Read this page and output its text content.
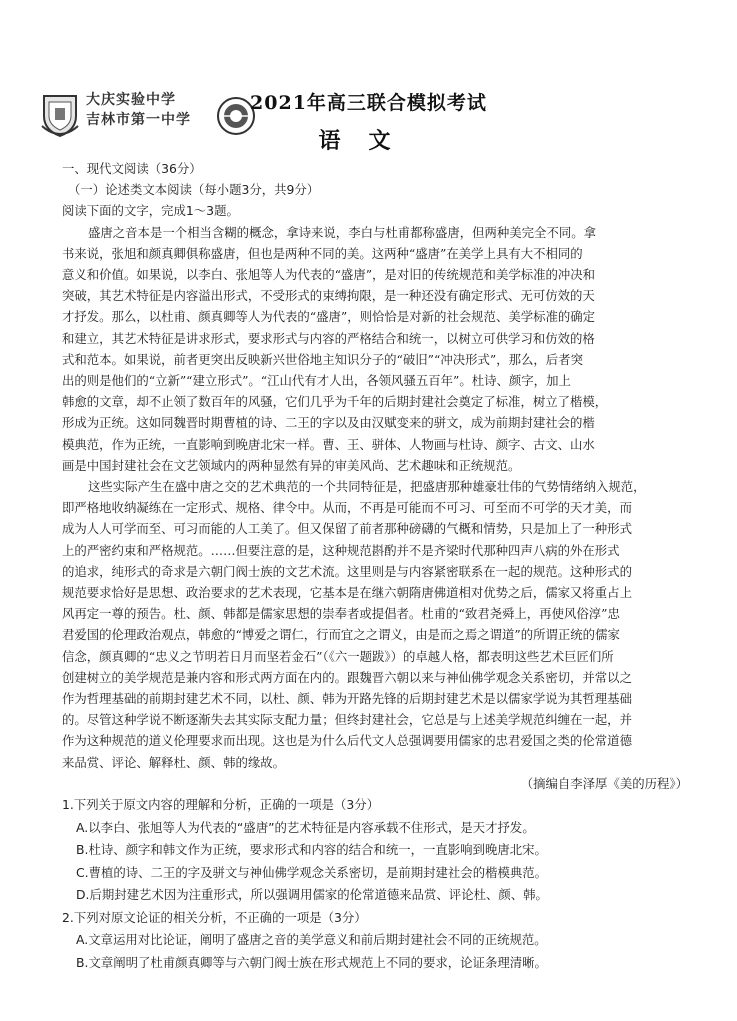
大庆实验中学
吉林市第一中学
2021年高三联合模拟考试
语文
一、现代文阅读（36分）
（一）论述类文本阅读（每小题3分，共9分）
阅读下面的文字，完成1～3题。
盛唐之音本是一个相当含糊的概念，拿诗来说，李白与杜甫都称盛唐，但两种美完全不同。拿
书来说，张旭和颜真卿俱称盛唐，但也是两种不同的美。这两种“盛唐”在美学上具有大不相同的
意义和价值。如果说，以李白、张旭等人为代表的“盛唐”，是对旧的传统规范和美学标准的冲决和
突破，其艺术特征是内容溢出形式，不受形式的束缚拘限，是一种还没有确定形式、无可仿效的天
才抒发。那么，以杜甫、颜真卿等人为代表的“盛唐”，则恰恰是对新的社会规范、美学标准的确定
和建立，其艺术特征是讲求形式，要求形式与内容的严格结合和统一，以树立可供学习和仿效的格
式和范本。如果说，前者更突出反映新兴世俗地主知识分子的“破旧”“冲决形式”，那么，后者突
出的则是他们的“立新”“建立形式”。“江山代有才人出，各领风骚五百年”。杜诗、颜字，加上
韩愈的文章，却不止领了数百年的风骚，它们几乎为千年的后期封建社会奠定了标准，树立了楷模，
形成为正统。这如同魏晋时期曹植的诗、二王的字以及由汉赋变来的骈文，成为前期封建社会的楷
模典范，作为正统，一直影响到晚唐北宋一样。曹、王、骈体、人物画与杜诗、颜字、古文、山水
画是中国封建社会在文艺领域内的两种显然有异的审美风尚、艺术趣味和正统规范。
这些实际产生在盛中唐之交的艺术典范的一个共同特征是，把盛唐那种雄豪壮伟的气势情绪纳入规范，
即严格地收纳凝练在一定形式、规格、律令中。从而，不再是可能而不可习、可至而不可学的天才美，而
成为人人可学而至、可习而能的人工美了。但又保留了前者那种磅礴的气概和情势，只是加上了一种形式
上的严密约束和严格规范。……但要注意的是，这种规范斟酌并不是齐梁时代那种四声八病的外在形式
的追求，纯形式的奇求是六朝门阀士族的文艺术流。这里则是与内容紧密联系在一起的规范。这种形式的
规范要求恰好是思想、政治要求的艺术表现，它基本是在继六朝隋唐佛道相对优势之后，儒家又将重占上
风再定一尊的预告。杜、颜、韩都是儒家思想的崇奉者或提倡者。杜甫的“致君尧舜上，再使风俗淳”忠
君爱国的伦理政治观点，韩愈的“博爱之谓仁，行而宜之之谓义，由是而之焉之谓道”的所谓正统的儒家
信念，颜真卿的“忠义之节明若日月而坚若金石”（《六一题跋》）的卓越人格，都表明这些艺术巨匠们所
创建树立的美学规范是兼内容和形式两方面在内的。跟魏晋六朝以来与神仙佛学观念关系密切，并常以之
作为哲理基础的前期封建艺术不同，以杜、颜、韩为开路先锋的后期封建艺术是以儒家学说为其哲理基础
的。尽管这种学说不断逐渐失去其实际支配力量；但终封建社会，它总是与上述美学规范纠缠在一起，并
作为这种规范的道义伦理要求而出现。这也是为什么后代文人总强调要用儒家的忠君爱国之类的伦常道德
来品赏、评论、解释杜、颜、韩的缘故。
（摘编自李泽厚《美的历程》）
1.下列关于原文内容的理解和分析，正确的一项是（3分）
A.以李白、张旭等人为代表的“盛唐”的艺术特征是内容承载不住形式，是天才抒发。
B.杜诗、颜字和韩文作为正统，要求形式和内容的结合和统一，一直影响到晚唐北宋。
C.曹植的诗、二王的字及骈文与神仙佛学观念关系密切，是前期封建社会的楷模典范。
D.后期封建艺术因为注重形式，所以强调用儒家的伦常道德来品赏、评论杜、颜、韩。
2.下列对原文论证的相关分析，不正确的一项是（3分）
A.文章运用对比论证，阐明了盛唐之音的美学意义和前后期封建社会不同的正统规范。
B.文章阐明了杜甫颜真卿等与六朝门阀士族在形式规范上不同的要求，论证条理清晰。
